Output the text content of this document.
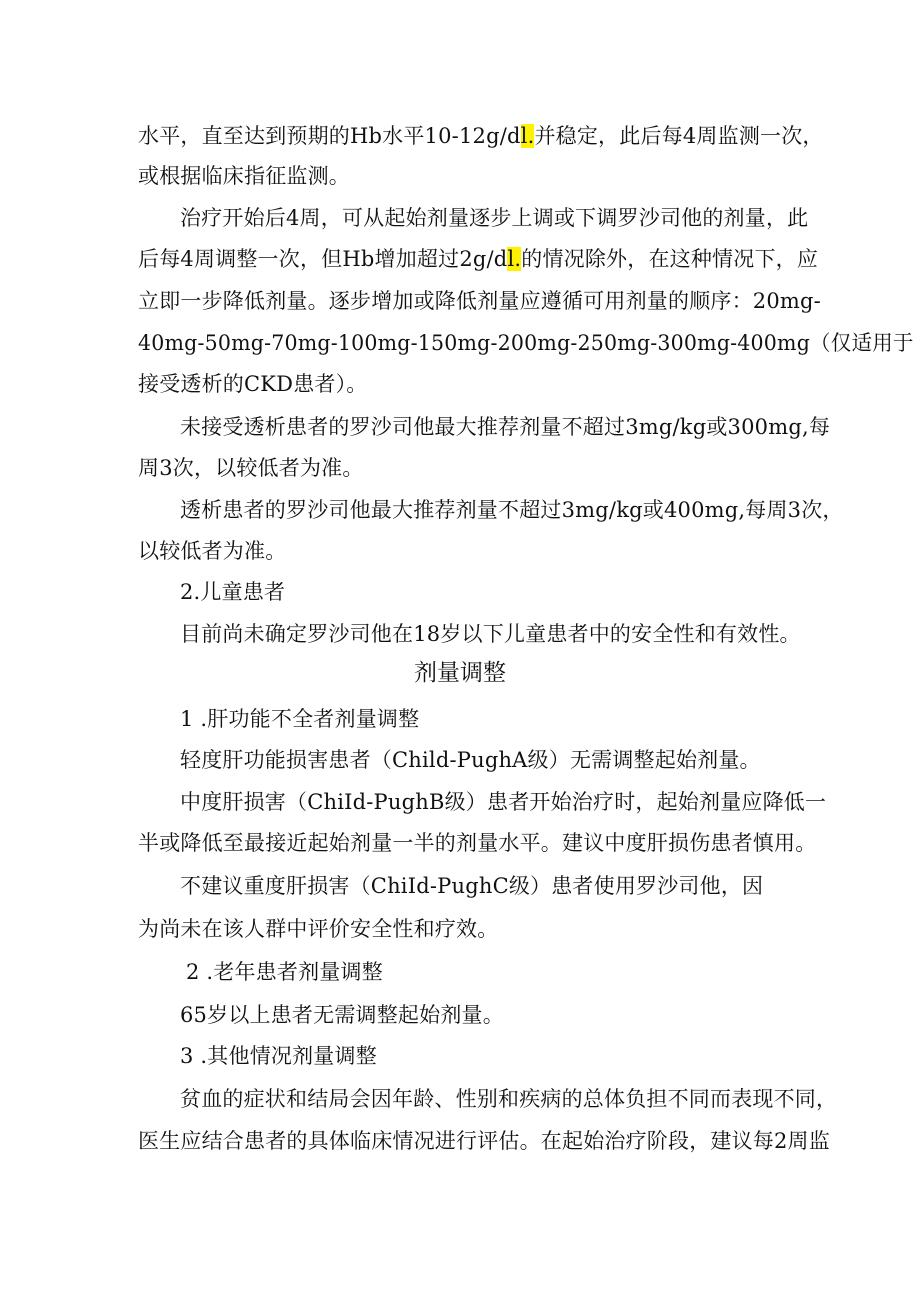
水平，直至达到预期的Hb水平10-12g/dl.并稳定，此后每4周监测一次，
或根据临床指征监测。
治疗开始后4周，可从起始剂量逐步上调或下调罗沙司他的剂量，此
后每4周调整一次，但Hb增加超过2g/dl.的情况除外，在这种情况下，应
立即一步降低剂量。逐步增加或降低剂量应遵循可用剂量的顺序：20mg-
40mg-50mg-70mg-100mg-150mg-200mg-250mg-300mg-400mg（仅适用于
接受透析的CKD患者）。
未接受透析患者的罗沙司他最大推荐剂量不超过3mg/kg或300mg,每
周3次，以较低者为准。
透析患者的罗沙司他最大推荐剂量不超过3mg/kg或400mg,每周3次，
以较低者为准。
2.儿童患者
目前尚未确定罗沙司他在18岁以下儿童患者中的安全性和有效性。
剂量调整
1 .肝功能不全者剂量调整
轻度肝功能损害患者（Child-PughA级）无需调整起始剂量。
中度肝损害（ChiId-PughB级）患者开始治疗时，起始剂量应降低一
半或降低至最接近起始剂量一半的剂量水平。建议中度肝损伤患者慎用。
不建议重度肝损害（ChiId-PughC级）患者使用罗沙司他，因
为尚未在该人群中评价安全性和疗效。
2 .老年患者剂量调整
65岁以上患者无需调整起始剂量。
3 .其他情况剂量调整
贫血的症状和结局会因年龄、性别和疾病的总体负担不同而表现不同，
医生应结合患者的具体临床情况进行评估。在起始治疗阶段，建议每2周监
